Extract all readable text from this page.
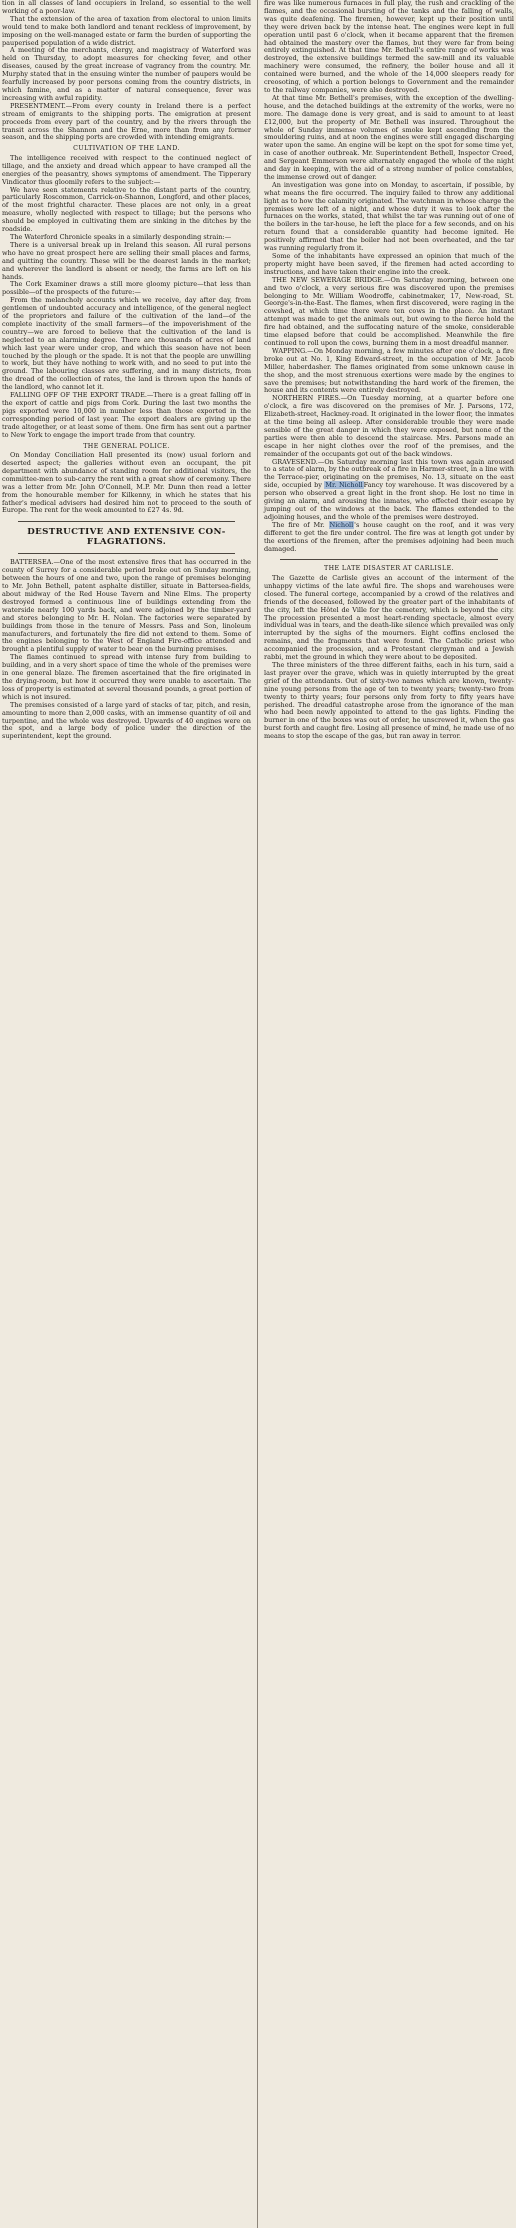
tion in all classes of land occupiers in Ireland, so essential to the well working of a poor-law.

That the extension of the area of taxation from electoral to union limits would tend to make both landlord and tenant reckless of improvement, by imposing on the well-managed estate or farm the burden of supporting the pauperised population of a wide district.

A meeting of the merchants, clergy, and magistracy of Waterford was held on Thursday, to adopt measures for checking fever, and other diseases, caused by the great increase of vagrancy from the country. Mr. Murphy stated that in the ensuing winter the number of paupers would be fearfully increased by poor persons coming from the country districts, in which famine, and as a matter of natural consequence, fever was increasing with awful rapidity.

PRESENTMENT.—From every county in Ireland there is a perfect stream of emigrants to the shipping ports. The emigration at present proceeds from every part of the country, and by the rivers through the transit across the Shannon and the Erne, more than from any former season, and the shipping ports are crowded with intending emigrants.

CULTIVATION OF THE LAND.

The intelligence received with respect to the continued neglect of tillage, and the anxiety and dread which appear to have cramped all the energies of the peasantry, shows symptoms of amendment. The Tipperary Vindicator thus gloomily refers to the subject:—

We have seen statements relative to the distant parts of the country, particularly Roscommon, Carrick-on-Shannon, Longford, and other places, of the most frightful character. These places are not only, in a great measure, wholly neglected with respect to tillage; but the persons who should be employed in cultivating them are sinking in the ditches by the roadside.

The Waterford Chronicle speaks in a similarly desponding strain:—

There is a universal break up in Ireland this season. All rural persons who have no great prospect here are selling their small places and farms, and quitting the country. These will be the dearest lands in the market; and wherever the landlord is absent or needy, the farms are left on his hands.

The Cork Examiner draws a still more gloomy picture—that less than possible—of the prospects of the future:—

From the melancholy accounts which we receive, day after day, from gentlemen of undoubted accuracy and intelligence, of the general neglect of the proprietors and failure of the cultivation of the land—of the complete inactivity of the small farmers—of the impoverishment of the country—we are forced to believe that the cultivation of the land is neglected to an alarming degree. There are thousands of acres of land which last year were under crop, and which this season have not been touched by the plough or the spade. It is not that the people are unwilling to work, but they have nothing to work with, and no seed to put into the ground. The labouring classes are suffering, and in many districts, from the dread of the collection of rates, the land is thrown upon the hands of the landlord, who cannot let it.

FALLING OFF OF THE EXPORT TRADE.—There is a great falling off in the export of cattle and pigs from Cork. During the last two months the pigs exported were 10,000 in number less than those exported in the corresponding period of last year. The export dealers are giving up the trade altogether, or at least some of them. One firm has sent out a partner to New York to engage the import trade from that country.

THE GENERAL POLICE.

On Monday Conciliation Hall presented its (now) usual forlorn and deserted aspect; the galleries without even an occupant, the pit department with abundance of standing room for additional visitors, the committee-men to sub-carry the rent with a great show of ceremony. There was a letter from Mr. John O'Connell, M.P. Mr. Dunn then read a letter from the honourable member for Kilkenny, in which he states that his father's medical advisers had desired him not to proceed to the south of Europe. The rent for the week amounted to £27 4s. 9d.

DESTRUCTIVE AND EXTENSIVE CON-
FLAGRATIONS.

BATTERSEA.—One of the most extensive fires that has occurred in the county of Surrey for a considerable period broke out on Sunday morning, between the hours of one and two, upon the range of premises belonging to Mr. John Bethell, patent asphalte distiller, situate in Battersea-fields, about midway of the Red House Tavern and Nine Elms. The property destroyed formed a continuous line of buildings extending from the waterside nearly 100 yards back, and were adjoined by the timber-yard and stores belonging to Mr. H. Nolan. The factories were separated by buildings from those in the tenure of Messrs. Pass and Son, linoleum manufacturers, and fortunately the fire did not extend to them. Some of the engines belonging to the West of England Fire-office attended and brought a plentiful supply of water to bear on the burning premises.

The flames continued to spread with intense fury from building to building, and in a very short space of time the whole of the premises were in one general blaze. The firemen ascertained that the fire originated in the drying-room, but how it occurred they were unable to ascertain. The loss of property is estimated at several thousand pounds, a great portion of which is not insured.

The premises consisted of a large yard of stacks of tar, pitch, and resin, amounting to more than 2,000 casks, with an immense quantity of oil and turpentine, and the whole was destroyed. Upwards of 40 engines were on the spot, and a large body of police under the direction of the superintendent, kept the ground.

fire was like numerous furnaces in full play, the rush and crackling of the flames, and the occasional bursting of the tanks and the falling of walls, was quite deafening. The firemen, however, kept up their position until they were driven back by the intense heat. The engines were kept in full operation until past 6 o'clock, when it became apparent that the firemen had obtained the mastery over the flames, but they were far from being entirely extinguished. At that time Mr. Bethell's entire range of works was destroyed, the extensive buildings termed the saw-mill and its valuable machinery were consumed, the refinery, the boiler house and all it contained were burned, and the whole of the 14,000 sleepers ready for creosoting, of which a portion belongs to Government and the remainder to the railway companies, were also destroyed.

At that time Mr. Bethell's premises, with the exception of the dwelling-house, and the detached buildings at the extremity of the works, were no more. The damage done is very great, and is said to amount to at least £12,000, but the property of Mr. Bethell was insured. Throughout the whole of Sunday immense volumes of smoke kept ascending from the smouldering ruins, and at noon the engines were still engaged discharging water upon the same. An engine will be kept on the spot for some time yet, in case of another outbreak. Mr. Superintendent Bethell, Inspector Creed, and Sergeant Emmerson were alternately engaged the whole of the night and day in keeping, with the aid of a strong number of police constables, the immense crowd out of danger.

An investigation was gone into on Monday, to ascertain, if possible, by what means the fire occurred. The inquiry failed to throw any additional light as to how the calamity originated. The watchman in whose charge the premises were left of a night, and whose duty it was to look after the furnaces on the works, stated, that whilst the tar was running out of one of the boilers in the tar-house, he left the place for a few seconds, and on his return found that a considerable quantity had become ignited. He positively affirmed that the boiler had not been overheated, and the tar was running regularly from it.

Some of the inhabitants have expressed an opinion that much of the property might have been saved, if the firemen had acted according to instructions, and have taken their engine into the creek.

THE NEW SEWERAGE BRIDGE.—On Saturday morning, between one and two o'clock, a very serious fire was discovered upon the premises belonging to Mr. William Woodroffe, cabinetmaker, 17, New-road, St. George's-in-the-East. The flames, when first discovered, were raging in the cowshed, at which time there were ten cows in the place. An instant attempt was made to get the animals out, but owing to the fierce hold the fire had obtained, and the suffocating nature of the smoke, considerable time elapsed before that could be accomplished. Meanwhile the fire continued to roll upon the cows, burning them in a most dreadful manner.

WAPPING.—On Monday morning, a few minutes after one o'clock, a fire broke out at No. 1, King Edward-street, in the occupation of Mr. Jacob Miller, haberdasher. The flames originated from some unknown cause in the shop, and the most strenuous exertions were made by the engines to save the premises; but notwithstanding the hard work of the firemen, the house and its contents were entirely destroyed.

NORTHERN FIRES.—On Tuesday morning, at a quarter before one o'clock, a fire was discovered on the premises of Mr. J. Parsons, 172, Elizabeth-street, Hackney-road. It originated in the lower floor, the inmates at the time being all asleep. After considerable trouble they were made sensible of the great danger in which they were exposed, but none of the parties were then able to descend the staircase. Mrs. Parsons made an escape in her night clothes over the roof of the premises, and the remainder of the occupants got out of the back windows.

GRAVESEND.—On Saturday morning last this town was again aroused to a state of alarm, by the outbreak of a fire in Harmer-street, in a line with the Terrace-pier, originating on the premises, No. 13, situate on the east side, occupied by Mr. NichollFancy toy warehouse. It was discovered by a person who observed a great light in the front shop. He lost no time in giving an alarm, and arousing the inmates, who effected their escape by jumping out of the windows at the back. The flames extended to the adjoining houses, and the whole of the premises were destroyed.

The fire of Mr. Nicholl's house caught on the roof, and it was very different to get the fire under control. The fire was at length got under by the exertions of the firemen, after the premises adjoining had been much damaged.

THE LATE DISASTER AT CARLISLE.

The Gazette de Carlisle gives an account of the interment of the unhappy victims of the late awful fire. The shops and warehouses were closed. The funeral cortege, accompanied by a crowd of the relatives and friends of the deceased, followed by the greater part of the inhabitants of the city, left the Hôtel de Ville for the cemetery, which is beyond the city. The procession presented a most heart-rending spectacle, almost every individual was in tears, and the death-like silence which prevailed was only interrupted by the sighs of the mourners. Eight coffins enclosed the remains, and the fragments that were found. The Catholic priest who accompanied the procession, and a Protestant clergyman and a Jewish rabbi, met the ground in which they were about to be deposited.

The three ministers of the three different faiths, each in his turn, said a last prayer over the grave, which was in quietly interrupted by the great grief of the attendants. Out of sixty-two names which are known, twenty-nine young persons from the age of ten to twenty years; twenty-two from twenty to thirty years; four persons only from forty to fifty years have perished. The dreadful catastrophe arose from the ignorance of the man who had been newly appointed to attend to the gas lights. Finding the burner in one of the boxes was out of order, he unscrewed it, when the gas burst forth and caught fire. Losing all presence of mind, he made use of no means to stop the escape of the gas, but ran away in terror.
